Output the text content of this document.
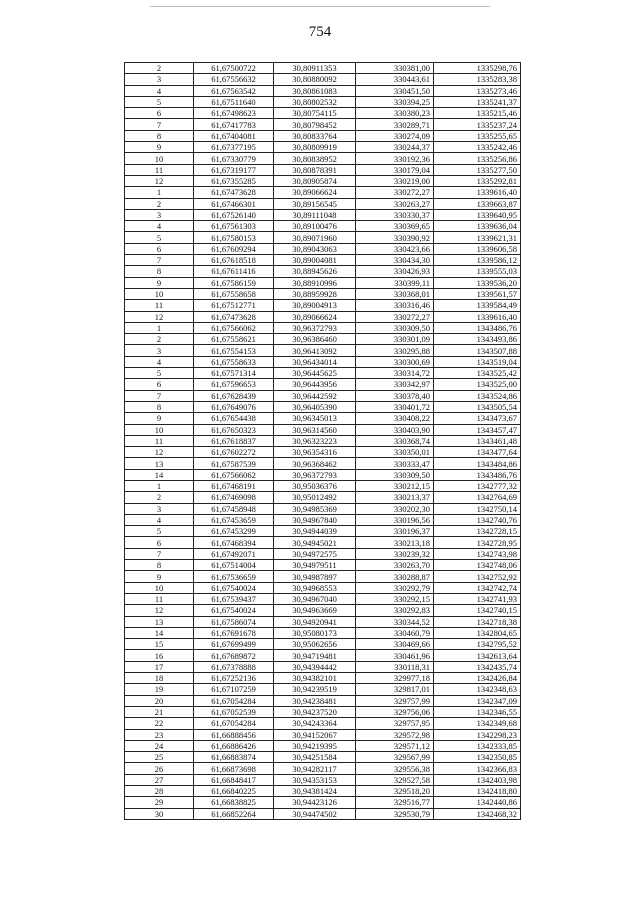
754
2	61,67500722	30,80911353	330381,00	1335298,76
3	61,67556632	30,80880092	330443,61	1335283,38
4	61,67563542	30,80861083	330451,50	1335273,46
5	61,67511640	30,80802532	330394,25	1335241,37
6	61,67498623	30,80754115	330380,23	1335215,46
7	61,67417783	30,80798452	330289,71	1335237,24
8	61,67404081	30,80833764	330274,09	1335255,65
9	61,67377195	30,80809919	330244,37	1335242,46
10	61,67330779	30,80838952	330192,36	1335256,86
11	61,67319177	30,80878391	330179,04	1335277,50
12	61,67355285	30,80905874	330219,00	1335292,81
1	61,67473628	30,89066624	330272,27	1339616,40
2	61,67466301	30,89156545	330263,27	1339663,87
3	61,67526140	30,89111048	330330,37	1339640,95
4	61,67561303	30,89100476	330369,65	1339636,04
5	61,67580153	30,89071960	330390,92	1339621,31
6	61,67609294	30,89043063	330423,66	1339606,58
7	61,67618518	30,89004081	330434,30	1339586,12
8	61,67611416	30,88945626	330426,93	1339555,03
9	61,67586159	30,88910996	330399,11	1339536,20
10	61,67558658	30,88959928	330368,01	1339561,57
11	61,67512771	30,89004913	330316,46	1339584,49
12	61,67473628	30,89066624	330272,27	1339616,40
1	61,67566062	30,96372793	330309,50	1343486,76
2	61,67558621	30,96386460	330301,09	1343493,86
3	61,67554153	30,96413092	330295,88	1343507,88
4	61,67558633	30,96434014	330300,69	1343519,04
5	61,67571314	30,96445625	330314,72	1343525,42
6	61,67596653	30,96443956	330342,97	1343525,00
7	61,67628439	30,96442592	330378,40	1343524,86
8	61,67649076	30,96405390	330401,72	1343505,54
9	61,67654438	30,96345013	330408,22	1343473,67
10	61,67650323	30,96314560	330403,90	1343457,47
11	61,67618837	30,96323223	330368,74	1343461,48
12	61,67602272	30,96354316	330350,01	1343477,64
13	61,67587539	30,96368462	330333,47	1343484,86
14	61,67566062	30,96372793	330309,50	1343486,76
1	61,67468191	30,95036376	330212,15	1342777,32
2	61,67469098	30,95012492	330213,37	1342764,69
3	61,67458948	30,94985369	330202,30	1342750,14
4	61,67453659	30,94967840	330196,56	1342740,76
5	61,67453299	30,94944039	330196,37	1342728,15
6	61,67468394	30,94945021	330213,18	1342728,95
7	61,67492071	30,94972575	330239,32	1342743,98
8	61,67514004	30,94979511	330263,70	1342748,06
9	61,67536659	30,94987897	330288,87	1342752,92
10	61,67540024	30,94968553	330292,79	1342742,74
11	61,67539437	30,94967040	330292,15	1342741,93
12	61,67540024	30,94963669	330292,83	1342740,15
13	61,67586074	30,94920941	330344,52	1342718,38
14	61,67691678	30,95080173	330460,79	1342804,65
15	61,67699499	30,95062656	330469,66	1342795,52
16	61,67689872	30,94719481	330461,96	1342613,64
17	61,67378888	30,94394442	330118,31	1342435,74
18	61,67252136	30,94382101	329977,18	1342426,84
19	61,67107259	30,94239519	329817,01	1342348,63
20	61,67054284	30,94238481	329757,99	1342347,09
21	61,67052539	30,94237520	329756,06	1342346,55
22	61,67054284	30,94243364	329757,95	1342349,68
23	61,66888456	30,94152067	329572,98	1342298,23
24	61,66886426	30,94219395	329571,12	1342333,85
25	61,66883874	30,94251584	329567,99	1342350,85
26	61,66873698	30,94282117	329556,38	1342366,83
27	61,66848417	30,94353153	329527,58	1342403,98
28	61,66840225	30,94381424	329518,20	1342418,80
29	61,66838825	30,94423126	329516,77	1342440,86
30	61,66852264	30,94474502	329530,79	1342468,32
